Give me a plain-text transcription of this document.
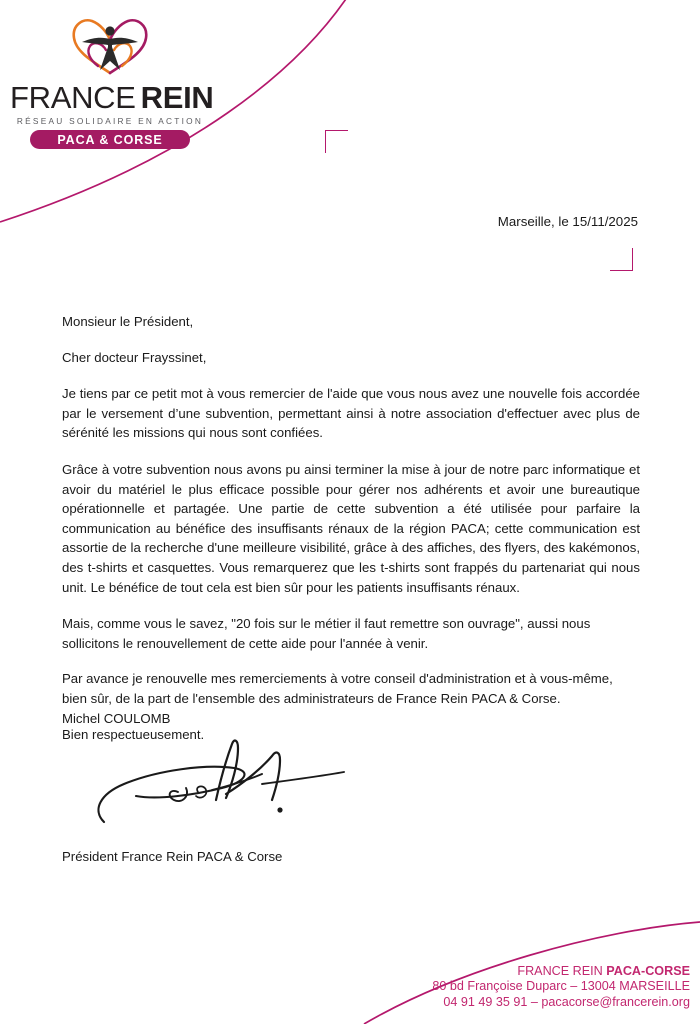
FRANCE REIN
RÉSEAU SOLIDAIRE EN ACTION
PACA & CORSE
Marseille, le 15/11/2025

Monsieur le Président,

Cher docteur Frayssinet,

Je tiens par ce petit mot à vous remercier de l'aide que vous nous avez une nouvelle fois accordée par le versement d’une subvention, permettant ainsi à notre association d'effectuer avec plus de sérénité les missions qui nous sont confiées.

Grâce à votre subvention nous avons pu ainsi terminer la mise à jour de notre parc informatique et avoir du matériel le plus efficace possible pour gérer nos adhérents et avoir une bureautique opérationnelle et partagée. Une partie de cette subvention a été utilisée pour parfaire la communication au bénéfice des insuffisants rénaux de la région PACA; cette communication est assortie de la recherche d'une meilleure visibilité, grâce à des affiches, des flyers, des kakémonos, des t-shirts et casquettes. Vous remarquerez que les t-shirts sont frappés du partenariat qui nous unit. Le bénéfice de tout cela est bien sûr pour les patients insuffisants rénaux.

Mais, comme vous le savez, "20 fois sur le métier il faut remettre son ouvrage", aussi nous sollicitons le renouvellement de cette aide pour l'année à venir.

Par avance je renouvelle mes remerciements à votre conseil d'administration et à vous-même, bien sûr, de la part de l'ensemble des administrateurs de France Rein PACA & Corse.

Bien respectueusement.

Michel COULOMB
Président France Rein PACA & Corse
FRANCE REIN PACA-CORSE
80 bd Françoise Duparc – 13004 MARSEILLE
04 91 49 35 91 – pacacorse@francerein.org
